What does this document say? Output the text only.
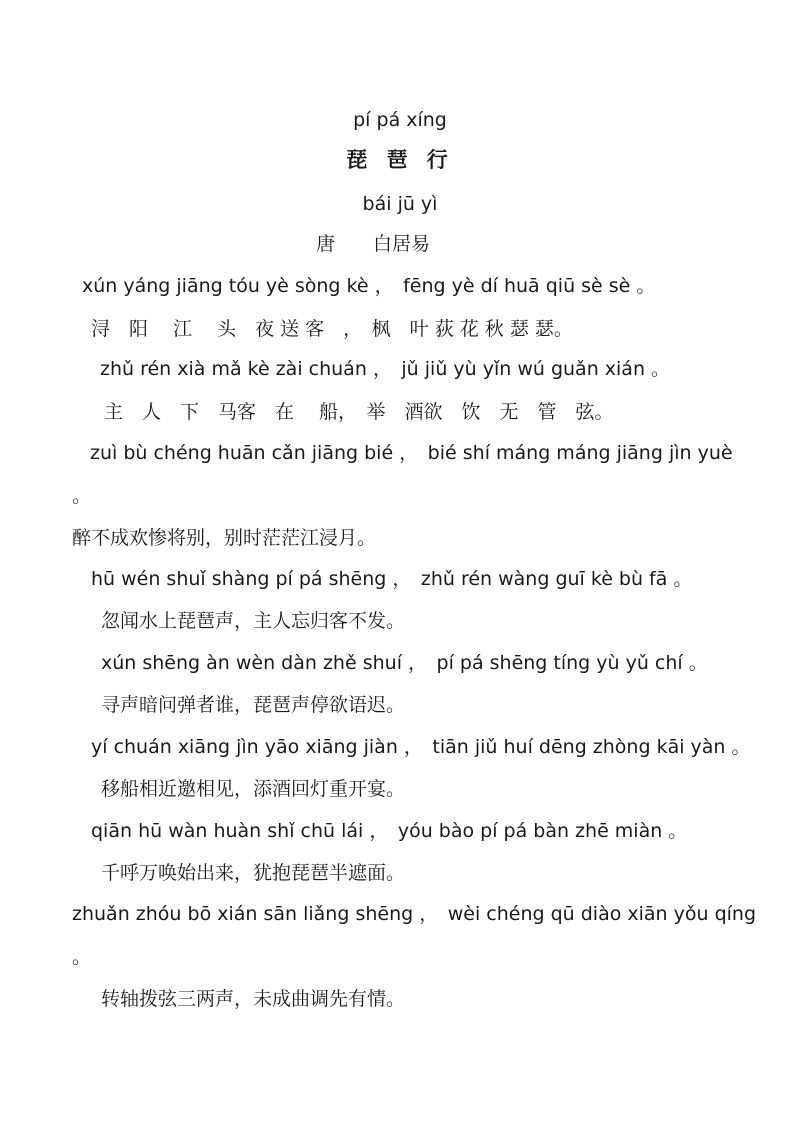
pí pá xíng
琵 琶 行
bái jū yì
唐　　白居易
xún yáng jiāng tóu yè sòng kè ，　fēng yè dí huā qiū sè sè 。
浔　阳　 江 　头　夜 送 客　，　枫　叶 荻 花 秋 瑟 瑟。
zhǔ rén xià mǎ kè zài chuán ，　jǔ jiǔ yù yǐn wú guǎn xián 。
主　人　下　马客　在　 船，　举　酒欲　饮　无　管　弦。
zuì bù chéng huān cǎn jiāng bié ，　bié shí máng máng jiāng jìn yuè
。
醉不成欢惨将别，别时茫茫江浸月。
hū wén shuǐ shàng pí pá shēng ，　zhǔ rén wàng guī kè bù fā 。
忽闻水上琵琶声，主人忘归客不发。
xún shēng àn wèn dàn zhě shuí ，　pí pá shēng tíng yù yǔ chí 。
寻声暗问弹者谁，琵琶声停欲语迟。
yí chuán xiāng jìn yāo xiāng jiàn ，　tiān jiǔ huí dēng zhòng kāi yàn 。
移船相近邀相见，添酒回灯重开宴。
qiān hū wàn huàn shǐ chū lái ，　yóu bào pí pá bàn zhē miàn 。
千呼万唤始出来，犹抱琵琶半遮面。
zhuǎn zhóu bō xián sān liǎng shēng ，　wèi chéng qū diào xiān yǒu qíng
。
转轴拨弦三两声，未成曲调先有情。
